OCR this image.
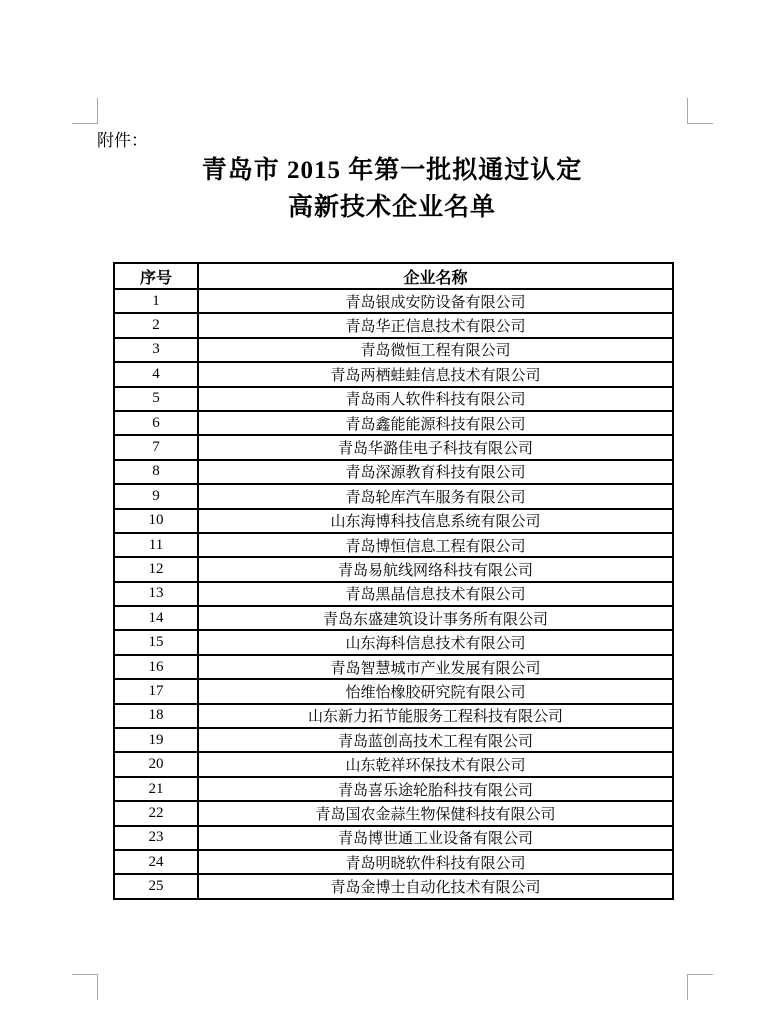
附件：
青岛市 2015 年第一批拟通过认定
高新技术企业名单
序号	企业名称
1	青岛银成安防设备有限公司
2	青岛华正信息技术有限公司
3	青岛微恒工程有限公司
4	青岛两栖蛙蛙信息技术有限公司
5	青岛雨人软件科技有限公司
6	青岛鑫能能源科技有限公司
7	青岛华潞佳电子科技有限公司
8	青岛深源教育科技有限公司
9	青岛轮库汽车服务有限公司
10	山东海博科技信息系统有限公司
11	青岛博恒信息工程有限公司
12	青岛易航线网络科技有限公司
13	青岛黑晶信息技术有限公司
14	青岛东盛建筑设计事务所有限公司
15	山东海科信息技术有限公司
16	青岛智慧城市产业发展有限公司
17	怡维怡橡胶研究院有限公司
18	山东新力拓节能服务工程科技有限公司
19	青岛蓝创高技术工程有限公司
20	山东乾祥环保技术有限公司
21	青岛喜乐途轮胎科技有限公司
22	青岛国农金蒜生物保健科技有限公司
23	青岛博世通工业设备有限公司
24	青岛明晓软件科技有限公司
25	青岛金博士自动化技术有限公司
